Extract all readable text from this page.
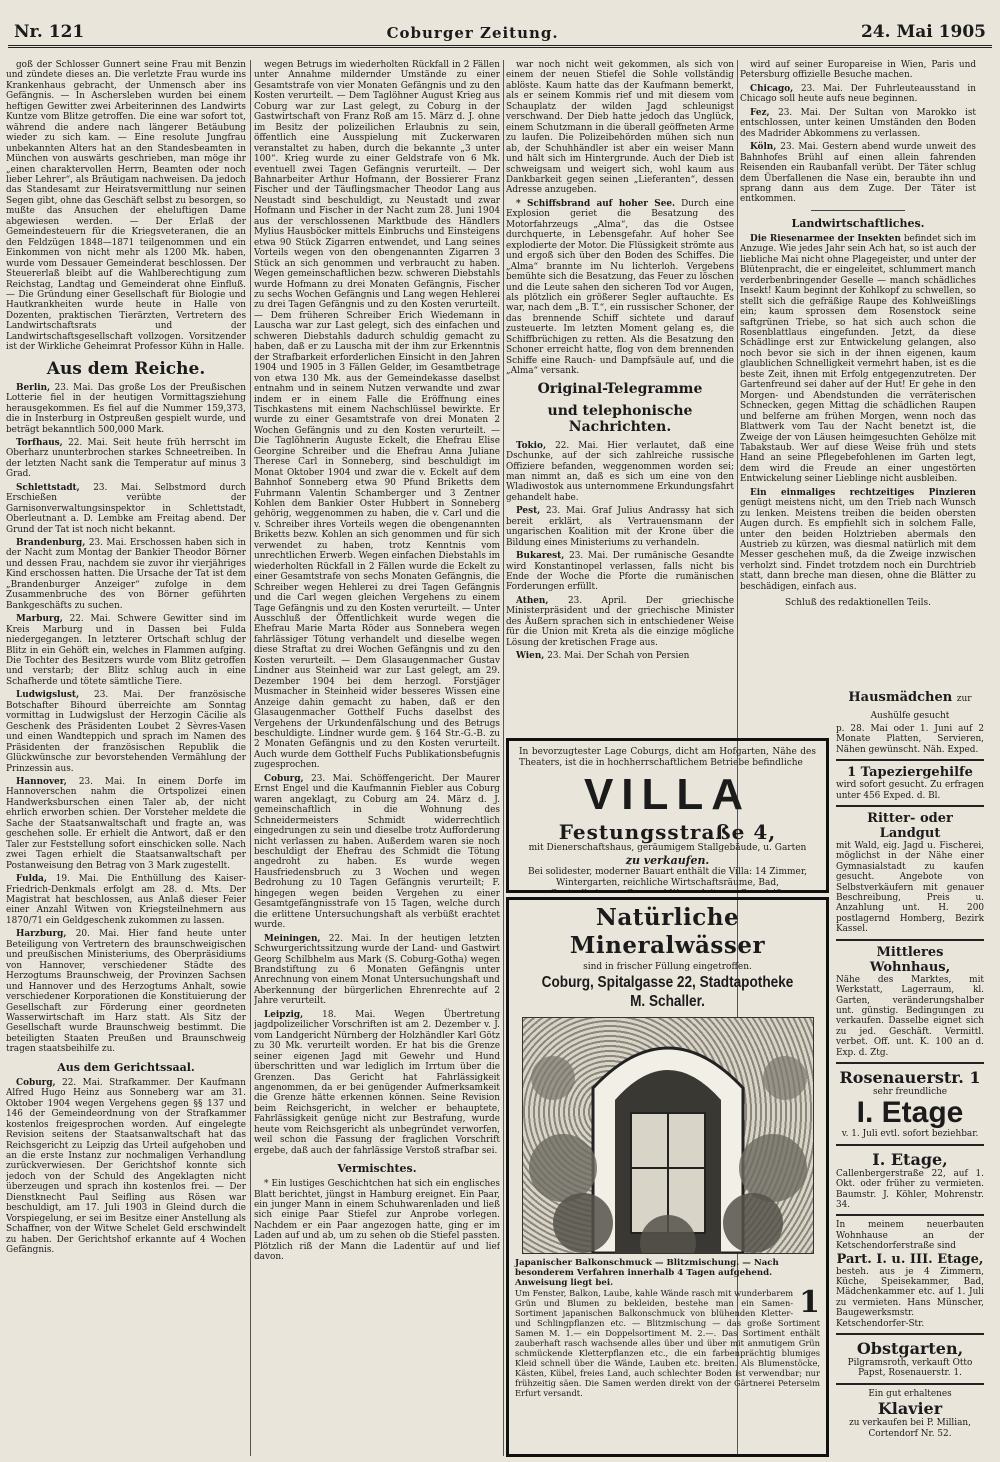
Nr. 121	Coburger Zeitung.	24. Mai 1905

goß der Schlosser Gunnert seine Frau mit Benzin und zündete dieses an. Die verletzte Frau wurde ins Krankenhaus gebracht, der Unmensch aber ins Gefängnis. — In Aschersleben wurden bei einem heftigen Gewitter zwei Arbeiterinnen des Landwirts Kuntze vom Blitze getroffen. Die eine war sofort tot, während die andere nach längerer Betäubung wieder zu sich kam. — Eine resolute Jungfrau unbekannten Alters hat an den Standesbeamten in München von auswärts geschrieben, man möge ihr „einen charaktervollen Herrn, Beamten oder noch lieber Lehrer“, als Bräutigam nachweisen. Da jedoch das Standesamt zur Heiratsvermittlung nur seinen Segen gibt, ohne das Geschäft selbst zu besorgen, so mußte das Ansuchen der eheluftigen Dame abgewiesen werden. — Der Erlaß der Gemeindesteuern für die Kriegsveteranen, die an den Feldzügen 1848—1871 teilgenommen und ein Einkommen von nicht mehr als 1200 Mk. haben, wurde vom Dessauer Gemeinderat beschlossen. Der Steuererlaß bleibt auf die Wahlberechtigung zum Reichstag, Landtag und Gemeinderat ohne Einfluß. — Die Gründung einer Gesellschaft für Biologie und Hautkrankheiten wurde heute in Halle von Dozenten, praktischen Tierärzten, Vertretern des Landwirtschaftsrats und der Landwirtschaftsgesellschaft vollzogen. Vorsitzender ist der Wirkliche Geheimrat Professor Kühn in Halle.

Aus dem Reiche.

Berlin, 23. Mai. Das große Los der Preußischen Lotterie fiel in der heutigen Vormittagsziehung herausgekommen. Es fiel auf die Nummer 159,373, die in Insterburg in Ostpreußen gespielt wurde, und beträgt bekanntlich 500,000 Mark.

Torfhaus, 22. Mai. Seit heute früh herrscht im Oberharz ununterbrochen starkes Schneetreiben. In der letzten Nacht sank die Temperatur auf minus 3 Grad.

Schlettstadt, 23. Mai. Selbstmord durch Erschießen verübte der Garnisonverwaltungsinspektor in Schlettstadt, Oberleutnant a. D. Lembke am Freitag abend. Der Grund der Tat ist noch nicht bekannt.

Brandenburg, 23. Mai. Erschossen haben sich in der Nacht zum Montag der Bankier Theodor Börner und dessen Frau, nachdem sie zuvor ihr vierjähriges Kind erschossen hatten. Die Ursache der Tat ist dem „Brandenburger Anzeiger“ zufolge in dem Zusammenbruche des von Börner geführten Bankgeschäfts zu suchen.

Marburg, 22. Mai. Schwere Gewitter sind im Kreis Marburg und in Dassen bei Fulda niedergegangen. In letzterer Ortschaft schlug der Blitz in ein Gehöft ein, welches in Flammen aufging. Die Tochter des Besitzers wurde vom Blitz getroffen und verstarb; der Blitz schlug auch in eine Schafherde und tötete sämtliche Tiere.

Ludwigslust, 23. Mai. Der französische Botschafter Bihourd überreichte am Sonntag vormittag in Ludwigslust der Herzogin Cäcilie als Geschenk des Präsidenten Loubet 2 Sèvres-Vasen und einen Wandteppich und sprach im Namen des Präsidenten der französischen Republik die Glückwünsche zur bevorstehenden Vermählung der Prinzessin aus.

Hannover, 23. Mai. In einem Dorfe im Hannoverschen nahm die Ortspolizei einen Handwerksburschen einen Taler ab, der nicht ehrlich erworben schien. Der Vorsteher meldete die Sache der Staatsanwaltschaft und fragte an, was geschehen solle. Er erhielt die Antwort, daß er den Taler zur Feststellung sofort einschicken solle. Nach zwei Tagen erhielt die Staatsanwaltschaft per Postanweisung den Betrag von 3 Mark zugestellt.

Fulda, 19. Mai. Die Enthüllung des Kaiser-Friedrich-Denkmals erfolgt am 28. d. Mts. Der Magistrat hat beschlossen, aus Anlaß dieser Feier einer Anzahl Witwen von Kriegsteilnehmern aus 1870/71 ein Geldgeschenk zukommen zu lassen.

Harzburg, 20. Mai. Hier fand heute unter Beteiligung von Vertretern des braunschweigischen und preußischen Ministeriums, des Oberpräsidiums von Hannover, verschiedener Städte des Herzogtums Braunschweig, der Provinzen Sachsen und Hannover und des Herzogtums Anhalt, sowie verschiedener Korporationen die Konstituierung der Gesellschaft zur Förderung einer geordneten Wasserwirtschaft im Harz statt. Als Sitz der Gesellschaft wurde Braunschweig bestimmt. Die beteiligten Staaten Preußen und Braunschweig tragen staatsbeihilfe zu.

Aus dem Gerichtssaal.

Coburg, 22. Mai. Strafkammer. Der Kaufmann Alfred Hugo Heinz aus Sonneberg war am 31. Oktober 1904 wegen Vergehens gegen §§ 137 und 146 der Gemeindeordnung von der Strafkammer kostenlos freigesprochen worden. Auf eingelegte Revision seitens der Staatsanwaltschaft hat das Reichsgericht zu Leipzig das Urteil aufgehoben und an die erste Instanz zur nochmaligen Verhandlung zurückverwiesen. Der Gerichtshof konnte sich jedoch von der Schuld des Angeklagten nicht überzeugen und sprach ihn kostenlos frei. — Der Dienstknecht Paul Seifling aus Rösen war beschuldigt, am 17. Juli 1903 in Gleind durch die Vorspiegelung, er sei im Besitze einer Anstellung als Schaffner, von der Witwe Schelet Geld erschwindelt zu haben. Der Gerichtshof erkannte auf 4 Wochen Gefängnis.

wegen Betrugs im wiederholten Rückfall in 2 Fällen unter Annahme mildernder Umstände zu einer Gesamtstrafe von vier Monaten Gefängnis und zu den Kosten verurteilt. — Dem Taglöhner August Krieg aus Coburg war zur Last gelegt, zu Coburg in der Gastwirtschaft von Franz Roß am 15. März d. J. ohne im Besitz der polizeilichen Erlaubnis zu sein, öffentlich eine Ausspielung mit Zuckerwaren veranstaltet zu haben, durch die bekannte „3 unter 100“. Krieg wurde zu einer Geldstrafe von 6 Mk. eventuell zwei Tagen Gefängnis verurteilt. — Der Bahnarbeiter Arthur Hofmann, der Bossierer Franz Fischer und der Täuflingsmacher Theodor Lang aus Neustadt sind beschuldigt, zu Neustadt und zwar Hofmann und Fischer in der Nacht zum 28. Juni 1904 aus der verschlossenen Marktbude des Händlers Mylius Hausböcker mittels Einbruchs und Einsteigens etwa 90 Stück Zigarren entwendet, und Lang seines Vorteils wegen von den obengenannten Zigarren 3 Stück an sich genommen und verbraucht zu haben. Wegen gemeinschaftlichen bezw. schweren Diebstahls wurde Hofmann zu drei Monaten Gefängnis, Fischer zu sechs Wochen Gefängnis und Lang wegen Hehlerei zu drei Tagen Gefängnis und zu den Kosten verurteilt. — Dem früheren Schreiber Erich Wiedemann in Lauscha war zur Last gelegt, sich des einfachen und schweren Diebstahls dadurch schuldig gemacht zu haben, daß er zu Lauscha mit der ihm zur Erkenntnis der Strafbarkeit erforderlichen Einsicht in den Jahren 1904 und 1905 in 3 Fällen Gelder, im Gesamtbetrage von etwa 130 Mk. aus der Gemeindekasse daselbst entnahm und in seinem Nutzen verwandte und zwar indem er in einem Falle die Eröffnung eines Tischkastens mit einem Nachschlüssel bewirkte. Er wurde zu einer Gesamtstrafe von drei Monaten 2 Wochen Gefängnis und zu den Kosten verurteilt. — Die Taglöhnerin Auguste Eckelt, die Ehefrau Elise Georgine Schreiber und die Ehefrau Anna Juliane Therese Carl in Sonneberg, sind beschuldigt im Monat Oktober 1904 und zwar die v. Eckelt auf dem Bahnhof Sonneberg etwa 90 Pfund Briketts dem Fuhrmann Valentin Schamberger und 3 Zentner Kohlen dem Bankier Oster Hubbert in Sonneberg gehörig, weggenommen zu haben, die v. Carl und die v. Schreiber ihres Vorteils wegen die obengenannten Briketts bezw. Kohlen an sich genommen und für sich verwendet zu haben, trotz Kenntnis vom unrechtlichen Erwerb. Wegen einfachen Diebstahls im wiederholten Rückfall in 2 Fällen wurde die Eckelt zu einer Gesamtstrafe von sechs Monaten Gefängnis, die Schreiber wegen Hehlerei zu drei Tagen Gefängnis und die Carl wegen gleichen Vergehens zu einem Tage Gefängnis und zu den Kosten verurteilt. — Unter Ausschluß der Öffentlichkeit wurde wegen die Ehefrau Marie Marta Röder aus Sonnebera wegen fahrlässiger Tötung verhandelt und dieselbe wegen diese Straftat zu drei Wochen Gefängnis und zu den Kosten verurteilt. — Dem Glasaugenmacher Gustav Lindner aus Steinheid war zur Last gelegt, am 29. Dezember 1904 bei dem herzogl. Forstjäger Musmacher in Steinheid wider besseres Wissen eine Anzeige dahin gemacht zu haben, daß er den Glasaugenmacher Gotthelf Fuchs daselbst des Vergehens der Urkundenfälschung und des Betrugs beschuldigte. Lindner wurde gem. § 164 Str.-G.-B. zu 2 Monaten Gefängnis und zu den Kosten verurteilt. Auch wurde dem Gotthelf Fuchs Publikationsbefugnis zugesprochen.

Coburg, 23. Mai. Schöffengericht. Der Maurer Ernst Engel und die Kaufmannin Fiebler aus Coburg waren angeklagt, zu Coburg am 24. März d. J. gemeinschaftlich in die Wohnung des Schneidermeisters Schmidt widerrechtlich eingedrungen zu sein und dieselbe trotz Aufforderung nicht verlassen zu haben. Außerdem waren sie noch beschuldigt der Ehefrau des Schmidt die Tötung angedroht zu haben. Es wurde wegen Hausfriedensbruch zu 3 Wochen und wegen Bedrohung zu 10 Tagen Gefängnis verurteilt; F. hingegen wegen beiden Vergehen zu einer Gesamtgefängnisstrafe von 15 Tagen, welche durch die erlittene Untersuchungshaft als verbüßt erachtet wurde.

Meiningen, 22. Mai. In der heutigen letzten Schwurgerichtssitzung wurde der Land- und Gastwirt Georg Schilbhelm aus Mark (S. Coburg-Gotha) wegen Brandstiftung zu 6 Monaten Gefängnis unter Anrechnung von einem Monat Untersuchungshaft und Aberkennung der bürgerlichen Ehrenrechte auf 2 Jahre verurteilt.

Leipzig, 18. Mai. Wegen Übertretung jagdpolizeilicher Vorschriften ist am 2. Dezember v. J. vom Landgericht Nürnberg der Holzhändler Karl Götz zu 30 Mk. verurteilt worden. Er hat bis die Grenze seiner eigenen Jagd mit Gewehr und Hund überschritten und war lediglich im Irrtum über die Grenzen. Das Gericht hat Fahrlässigkeit angenommen, da er bei genügender Aufmerksamkeit die Grenze hätte erkennen können. Seine Revision beim Reichsgericht, in welcher er behauptete, Fahrlässigkeit genüge nicht zur Bestrafung, wurde heute vom Reichsgericht als unbegründet verworfen, weil schon die Fassung der fraglichen Vorschrift ergebe, daß auch der fahrlässige Verstoß strafbar sei.

Vermischtes.

* Ein lustiges Geschichtchen hat sich ein englisches Blatt berichtet, jüngst in Hamburg ereignet. Ein Paar, ein junger Mann in einem Schuhwarenladen und ließ sich einige Paar Stiefel zur Anprobe vorlegen. Nachdem er ein Paar angezogen hatte, ging er im Laden auf und ab, um zu sehen ob die Stiefel passten. Plötzlich riß der Mann die Ladentür auf und lief davon.

war noch nicht weit gekommen, als sich von einem der neuen Stiefel die Sohle vollständig ablöste. Kaum hatte das der Kaufmann bemerkt, als er seinem Kommis rief und mit diesem vom Schauplatz der wilden Jagd schleunigst verschwand. Der Dieb hatte jedoch das Unglück, einem Schutzmann in die überall geöffneten Arme zu laufen. Die Polizeibehörden mühen sich nun ab, der Schuhhändler ist aber ein weiser Mann und hält sich im Hintergrunde. Auch der Dieb ist schweigsam und weigert sich, wohl kaum aus Dankbarkeit gegen seinen „Lieferanten“, dessen Adresse anzugeben.

* Schiffsbrand auf hoher See. Durch eine Explosion geriet die Besatzung des Motorfahrzeugs „Alma“, das die Ostsee durchquerte, in Lebensgefahr. Auf hoher See explodierte der Motor. Die Flüssigkeit strömte aus und ergoß sich über den Boden des Schiffes. Die „Alma“ brannte im Nu lichterloh. Vergebens bemühte sich die Besatzung, das Feuer zu löschen und die Leute sahen den sicheren Tod vor Augen, als plötzlich ein größerer Segler auftauchte. Es war, nach dem „B. T.“, ein russischer Schoner, der das brennende Schiff sichtete und darauf zusteuerte. Im letzten Moment gelang es, die Schiffbrüchigen zu retten. Als die Besatzung den Schoner erreicht hatte, flog von dem brennenden Schiffe eine Rauch- und Dampfsäule auf, und die „Alma“ versank.

Original-Telegramme
und telephonische Nachrichten.

Tokio, 22. Mai. Hier verlautet, daß eine Dschunke, auf der sich zahlreiche russische Offiziere befanden, weggenommen worden sei; man nimmt an, daß es sich um eine von den Wladiwostok aus unternommene Erkundungsfahrt gehandelt habe.

Pest, 23. Mai. Graf Julius Andrassy hat sich bereit erklärt, als Vertrauensmann der ungarischen Koalition mit der Krone über die Bildung eines Ministeriums zu verhandeln.

Bukarest, 23. Mai. Der rumänische Gesandte wird Konstantinopel verlassen, falls nicht bis Ende der Woche die Pforte die rumänischen Forderungen erfüllt.

Athen, 23. April. Der griechische Ministerpräsident und der griechische Minister des Äußern sprachen sich in entschiedener Weise für die Union mit Kreta als die einzige mögliche Lösung der kretischen Frage aus.

Wien, 23. Mai. Der Schah von Persien

wird auf seiner Europareise in Wien, Paris und Petersburg offizielle Besuche machen.

Chicago, 23. Mai. Der Fuhrleuteausstand in Chicago soll heute aufs neue beginnen.

Fez, 23. Mai. Der Sultan von Marokko ist entschlossen, unter keinen Umständen den Boden des Madrider Abkommens zu verlassen.

Köln, 23. Mai. Gestern abend wurde unweit des Bahnhofes Brühl auf einen allein fahrenden Reisenden ein Raubanfall verübt. Der Täter schlug dem Überfallenen die Nase ein, beraubte ihn und sprang dann aus dem Zuge. Der Täter ist entkommen.

Landwirtschaftliches.

Die Riesenarmee der Insekten befindet sich im Anzuge. Wie jedes Jahr sein Ach hat, so ist auch der liebliche Mai nicht ohne Plagegeister, und unter der Blütenpracht, die er eingeleitet, schlummert manch verderbenbringender Geselle — manch schädliches Insekt! Kaum beginnt der Kohlkopf zu schwellen, so stellt sich die gefräßige Raupe des Kohlweißlings ein; kaum sprossen dem Rosenstock seine saftgrünen Triebe, so hat sich auch schon die Rosenblattlaus eingefunden. Jetzt, da diese Schädlinge erst zur Entwickelung gelangen, also noch bevor sie sich in der ihnen eigenen, kaum glaublichen Schnelligkeit vermehrt haben, ist es die beste Zeit, ihnen mit Erfolg entgegenzutreten. Der Gartenfreund sei daher auf der Hut! Er gehe in den Morgen- und Abendstunden die verräterischen Schnecken, gegen Mittag die schädlichen Raupen und belferne am frühen Morgen, wenn noch das Blattwerk vom Tau der Nacht benetzt ist, die Zweige der von Läusen heimgesuchten Gehölze mit Tabakstaub. Wer auf diese Weise früh und stets Hand an seine Pflegebefohlenen im Garten legt, dem wird die Freude an einer ungestörten Entwickelung seiner Lieblinge nicht ausbleiben.

Ein einmaliges rechtzeitiges Pinzieren genügt meistens nicht, um den Trieb nach Wunsch zu lenken. Meistens treiben die beiden obersten Augen durch. Es empfiehlt sich in solchem Falle, unter den beiden Holztrieben abermals den Austrieb zu kürzen, was diesmal natürlich mit dem Messer geschehen muß, da die Zweige inzwischen verholzt sind. Findet trotzdem noch ein Durchtrieb statt, dann breche man diesen, ohne die Blätter zu beschädigen, einfach aus.

Schluß des redaktionellen Teils.
In bevorzugtester Lage Coburgs, dicht am Hofgarten, Nähe des Theaters, ist die in hochherrschaftlichem Betriebe befindliche
VILLA
Festungsstraße 4,
mit Dienerschaftshaus, geräumigem Stallgebäude, u. Garten
zu verkaufen.
Bei solidester, moderner Bauart enthält die Villa: 14 Zimmer, Wintergarten, reichliche Wirtschaftsräume, Bad,
Natürliche Mineralwässer
sind in frischer Füllung eingetroffen.
Coburg, Spitalgasse 22, Stadtapotheke M. Schaller.
Japanischer Balkonschmuck — Blitzmischung. — Nach besonderem Verfahren innerhalb 4 Tagen aufgehend. Anweisung liegt bei.
1
Um Fenster, Balkon, Laube, kahle Wände rasch mit wunderbarem Grün und Blumen zu bekleiden, bestehe man ein Samen-Sortiment japanischen Balkonschmuck von blühenden Kletter- und Schlingpflanzen etc. — Blitzmischung — das große Sortiment Samen M. 1.— ein Doppelsortiment M. 2.—. Das Sortiment enthält zauberhaft rasch wachsende alles über und über mit anmutigem Grün schmückende Kletterpflanzen etc., die ein farbenprächtig blumiges Kleid schnell über die Wände, Lauben etc. breiten. Als Blumenstöcke, Kästen, Kübel, freies Land, auch schlechter Boden ist verwendbar; nur frühzeitig säen. Die Samen werden direkt von der Gärtnerei Peterseim Erfurt versandt.
Hausmädchen zur Aushülfe gesucht
p. 28. Mai oder 1. Juni auf 2 Monate Platten, Servieren, Nähen gewünscht. Näh. Exped.
1 Tapeziergehilfe
wird sofort gesucht. Zu erfragen unter 456 Exped. d. Bl.
Ritter- oder Landgut
mit Wald, eig. Jagd u. Fischerei, möglichst in der Nähe einer Gymnasialstadt zu kaufen gesucht. Angebote von Selbstverkäufern mit genauer Beschreibung, Preis u. Anzahlung unt. H. 200 postlagernd Homberg, Bezirk Kassel.
Mittleres Wohnhaus,
Nähe des Marktes, mit Werkstatt, Lagerraum, kl. Garten, veränderungshalber unt. günstig. Bedingungen zu verkaufen. Dasselbe eignet sich zu jed. Geschäft. Vermittl. verbet. Off. unt. K. 100 an d. Exp. d. Ztg.
Rosenauerstr. 1
sehr freundliche
I. Etage
v. 1. Juli evtl. sofort beziehbar.
I. Etage,
Callenbergerstraße 22, auf 1. Okt. oder früher zu vermieten. Baumstr. J. Köhler, Mohrenstr. 34.
In meinem neuerbauten Wohnhause an der Ketschendorferstraße sind
Part. I. u. III. Etage,
besteh. aus je 4 Zimmern, Küche, Speisekammer, Bad, Mädchenkammer etc. auf 1. Juli zu vermieten. Hans Münscher, Baugewerksmstr. Ketschendorfer-Str.
Obstgarten,
Pilgramsroth, verkauft Otto Papst, Rosenauerstr. 1.
Ein gut erhaltenes
Klavier
zu verkaufen bei P. Millian, Cortendorf Nr. 52.
